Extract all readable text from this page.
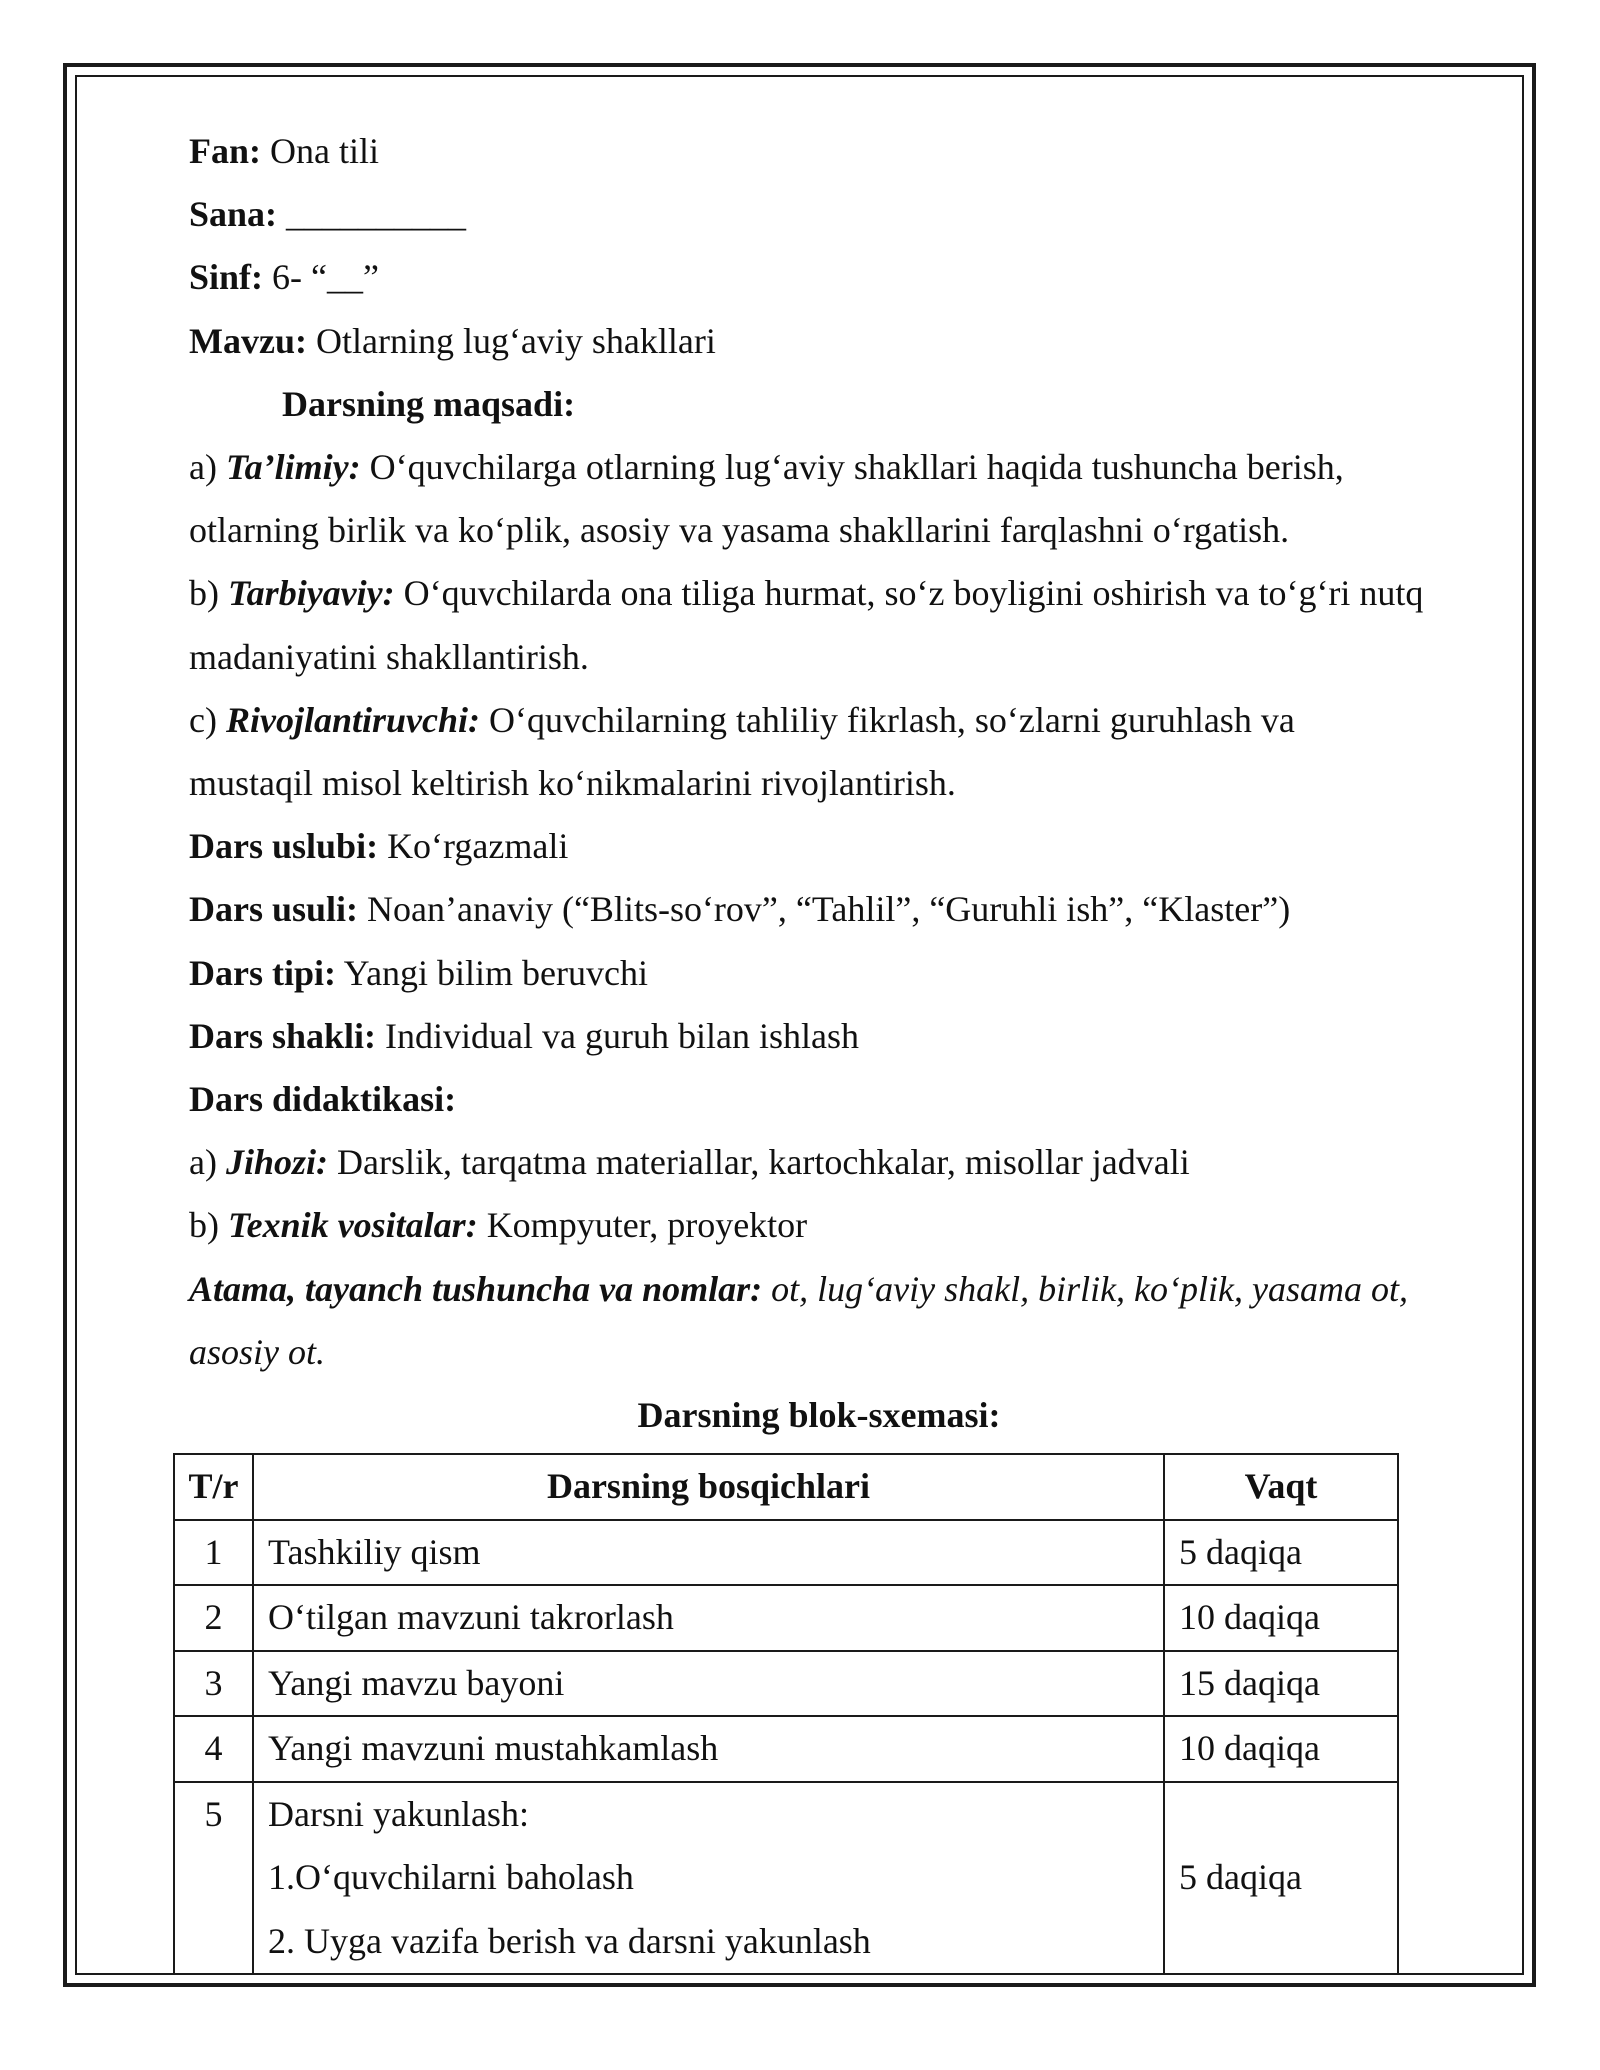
Fan: Ona tili
Sana: __________
Sinf: 6- “__”
Mavzu: Otlarning lug‘aviy shakllari
Darsning maqsadi:
a) Ta’limiy: O‘quvchilarga otlarning lug‘aviy shakllari haqida tushuncha berish,
otlarning birlik va ko‘plik, asosiy va yasama shakllarini farqlashni o‘rgatish.
b) Tarbiyaviy: O‘quvchilarda ona tiliga hurmat, so‘z boyligini oshirish va to‘g‘ri nutq
madaniyatini shakllantirish.
c) Rivojlantiruvchi: O‘quvchilarning tahliliy fikrlash, so‘zlarni guruhlash va
mustaqil misol keltirish ko‘nikmalarini rivojlantirish.
Dars uslubi: Ko‘rgazmali
Dars usuli: Noan’anaviy (“Blits-so‘rov”, “Tahlil”, “Guruhli ish”, “Klaster”)
Dars tipi: Yangi bilim beruvchi
Dars shakli: Individual va guruh bilan ishlash
Dars didaktikasi:
a) Jihozi: Darslik, tarqatma materiallar, kartochkalar, misollar jadvali
b) Texnik vositalar: Kompyuter, proyektor
Atama, tayanch tushuncha va nomlar: ot, lug‘aviy shakl, birlik, ko‘plik, yasama ot,
asosiy ot.
Darsning blok-sxemasi:
T/r	Darsning bosqichlari	Vaqt
1	Tashkiliy qism	5 daqiqa
2	O‘tilgan mavzuni takrorlash	10 daqiqa
3	Yangi mavzu bayoni	15 daqiqa
4	Yangi mavzuni mustahkamlash	10 daqiqa
5	Darsni yakunlash:
1.O‘quvchilarni baholash
2. Uyga vazifa berish va darsni yakunlash	5 daqiqa
